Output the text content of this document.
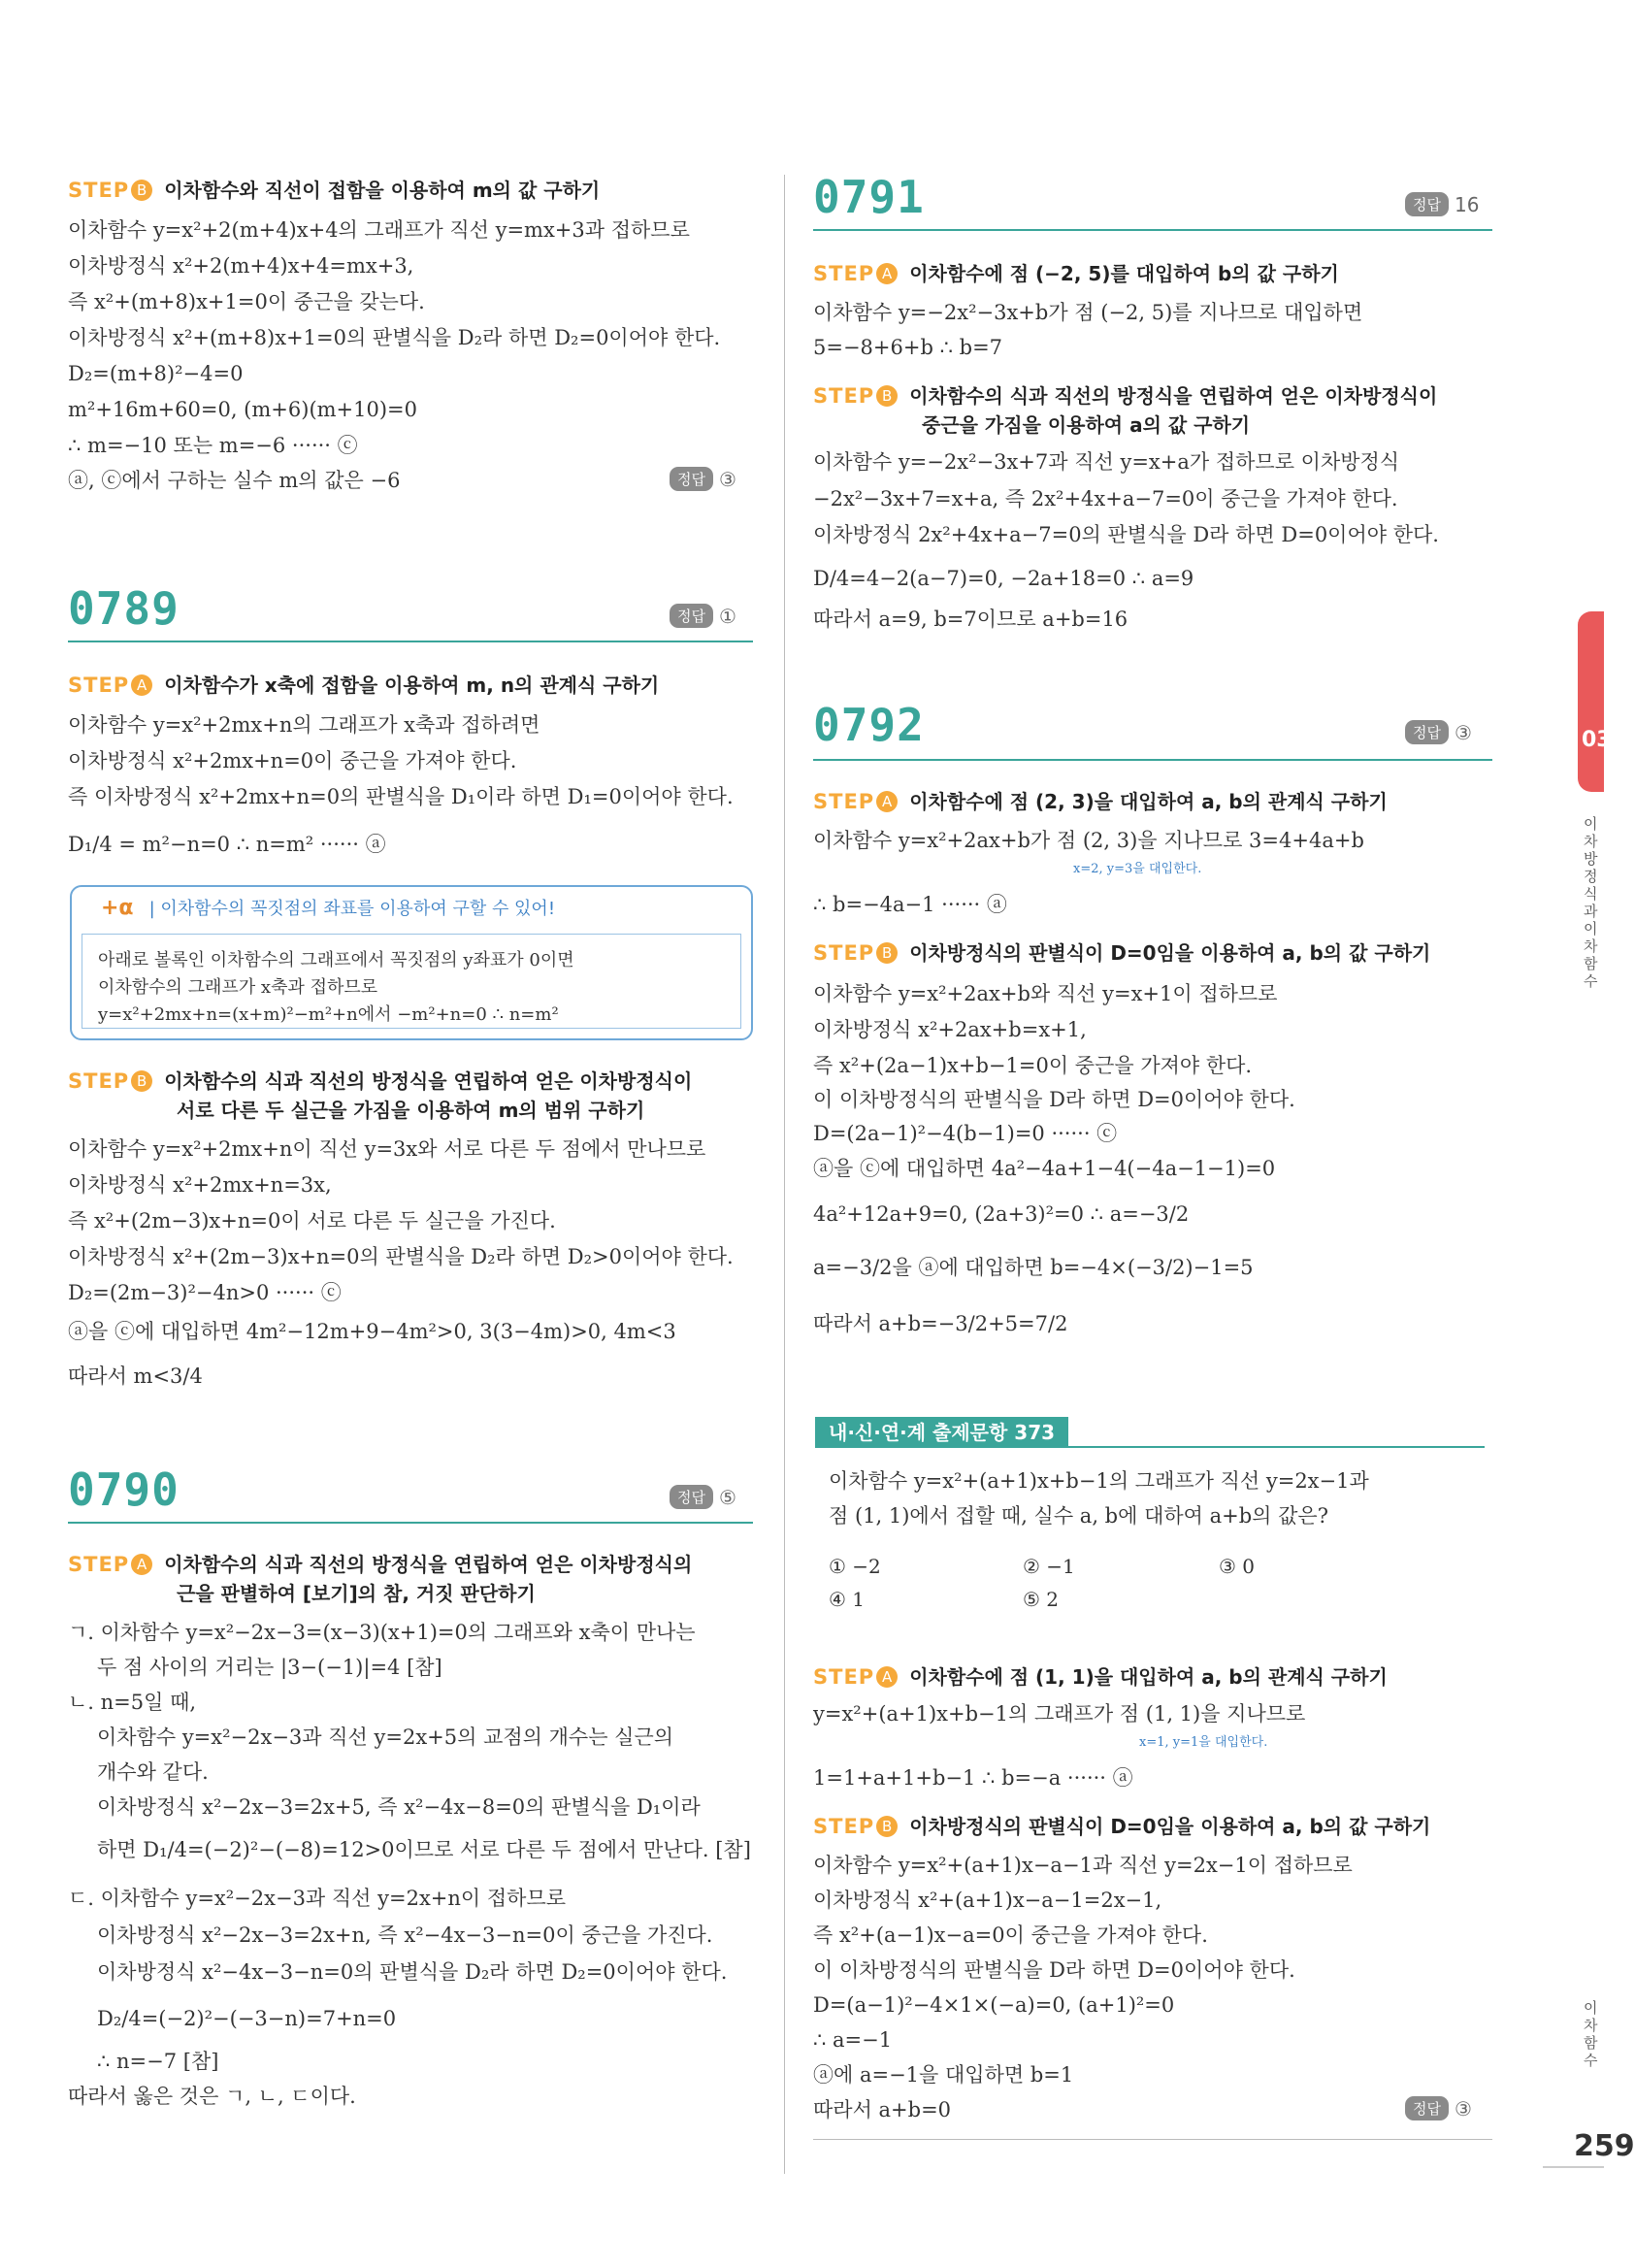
STEP B 이차함수와 직선이 접함을 이용하여 m의 값 구하기
이차함수 y=x²+2(m+4)x+4의 그래프가 직선 y=mx+3과 접하므로
이차방정식 x²+2(m+4)x+4=mx+3,
즉 x²+(m+8)x+1=0이 중근을 갖는다.
이차방정식 x²+(m+8)x+1=0의 판별식을 D₂라 하면 D₂=0이어야 한다.
D₂=(m+8)²−4=0
m²+16m+60=0, (m+6)(m+10)=0
∴ m=−10 또는 m=−6 ······ ⓒ
ⓐ, ⓒ에서 구하는 실수 m의 값은 −6	정답 ③
0789	정답 ①
STEP A 이차함수가 x축에 접함을 이용하여 m, n의 관계식 구하기
이차함수 y=x²+2mx+n의 그래프가 x축과 접하려면
이차방정식 x²+2mx+n=0이 중근을 가져야 한다.
즉 이차방정식 x²+2mx+n=0의 판별식을 D₁이라 하면 D₁=0이어야 한다.
D₁/4 = m²−n=0 ∴ n=m² ······ ⓐ
+α | 이차함수의 꼭짓점의 좌표를 이용하여 구할 수 있어!
아래로 볼록인 이차함수의 그래프에서 꼭짓점의 y좌표가 0이면
이차함수의 그래프가 x축과 접하므로
y=x²+2mx+n=(x+m)²−m²+n에서 −m²+n=0 ∴ n=m²
STEP B 이차함수의 식과 직선의 방정식을 연립하여 얻은 이차방정식이
서로 다른 두 실근을 가짐을 이용하여 m의 범위 구하기
이차함수 y=x²+2mx+n이 직선 y=3x와 서로 다른 두 점에서 만나므로
이차방정식 x²+2mx+n=3x,
즉 x²+(2m−3)x+n=0이 서로 다른 두 실근을 가진다.
이차방정식 x²+(2m−3)x+n=0의 판별식을 D₂라 하면 D₂>0이어야 한다.
D₂=(2m−3)²−4n>0 ······ ⓒ
ⓐ을 ⓒ에 대입하면 4m²−12m+9−4m²>0, 3(3−4m)>0, 4m<3
따라서 m<3/4
0790	정답 ⑤
STEP A 이차함수의 식과 직선의 방정식을 연립하여 얻은 이차방정식의
근을 판별하여 [보기]의 참, 거짓 판단하기
ㄱ. 이차함수 y=x²−2x−3=(x−3)(x+1)=0의 그래프와 x축이 만나는
두 점 사이의 거리는 |3−(−1)|=4 [참]
ㄴ. n=5일 때,
이차함수 y=x²−2x−3과 직선 y=2x+5의 교점의 개수는 실근의
개수와 같다.
이차방정식 x²−2x−3=2x+5, 즉 x²−4x−8=0의 판별식을 D₁이라
하면 D₁/4=(−2)²−(−8)=12>0이므로 서로 다른 두 점에서 만난다. [참]
ㄷ. 이차함수 y=x²−2x−3과 직선 y=2x+n이 접하므로
이차방정식 x²−2x−3=2x+n, 즉 x²−4x−3−n=0이 중근을 가진다.
이차방정식 x²−4x−3−n=0의 판별식을 D₂라 하면 D₂=0이어야 한다.
D₂/4=(−2)²−(−3−n)=7+n=0
∴ n=−7 [참]
따라서 옳은 것은 ㄱ, ㄴ, ㄷ이다.
0791	정답 16
STEP A 이차함수에 점 (−2, 5)를 대입하여 b의 값 구하기
이차함수 y=−2x²−3x+b가 점 (−2, 5)를 지나므로 대입하면
5=−8+6+b ∴ b=7
STEP B 이차함수의 식과 직선의 방정식을 연립하여 얻은 이차방정식이
중근을 가짐을 이용하여 a의 값 구하기
이차함수 y=−2x²−3x+7과 직선 y=x+a가 접하므로 이차방정식
−2x²−3x+7=x+a, 즉 2x²+4x+a−7=0이 중근을 가져야 한다.
이차방정식 2x²+4x+a−7=0의 판별식을 D라 하면 D=0이어야 한다.
D/4=4−2(a−7)=0, −2a+18=0 ∴ a=9
따라서 a=9, b=7이므로 a+b=16
0792	정답 ③
STEP A 이차함수에 점 (2, 3)을 대입하여 a, b의 관계식 구하기
이차함수 y=x²+2ax+b가 점 (2, 3)을 지나므로 3=4+4a+b
x=2, y=3을 대입한다.
∴ b=−4a−1 ······ ⓐ
STEP B 이차방정식의 판별식이 D=0임을 이용하여 a, b의 값 구하기
이차함수 y=x²+2ax+b와 직선 y=x+1이 접하므로
이차방정식 x²+2ax+b=x+1,
즉 x²+(2a−1)x+b−1=0이 중근을 가져야 한다.
이 이차방정식의 판별식을 D라 하면 D=0이어야 한다.
D=(2a−1)²−4(b−1)=0 ······ ⓒ
ⓐ을 ⓒ에 대입하면 4a²−4a+1−4(−4a−1−1)=0
4a²+12a+9=0, (2a+3)²=0 ∴ a=−3/2
a=−3/2을 ⓐ에 대입하면 b=−4×(−3/2)−1=5
따라서 a+b=−3/2+5=7/2
내·신·연·계 출제문항 373
이차함수 y=x²+(a+1)x+b−1의 그래프가 직선 y=2x−1과
점 (1, 1)에서 접할 때, 실수 a, b에 대하여 a+b의 값은?
① −2	② −1	③ 0
④ 1	⑤ 2
STEP A 이차함수에 점 (1, 1)을 대입하여 a, b의 관계식 구하기
y=x²+(a+1)x+b−1의 그래프가 점 (1, 1)을 지나므로
x=1, y=1을 대입한다.
1=1+a+1+b−1 ∴ b=−a ······ ⓐ
STEP B 이차방정식의 판별식이 D=0임을 이용하여 a, b의 값 구하기
이차함수 y=x²+(a+1)x−a−1과 직선 y=2x−1이 접하므로
이차방정식 x²+(a+1)x−a−1=2x−1,
즉 x²+(a−1)x−a=0이 중근을 가져야 한다.
이 이차방정식의 판별식을 D라 하면 D=0이어야 한다.
D=(a−1)²−4×1×(−a)=0, (a+1)²=0
∴ a=−1
ⓐ에 a=−1을 대입하면 b=1
따라서 a+b=0	정답 ③
03
이차방정식과 이차함수
이차함수
259
